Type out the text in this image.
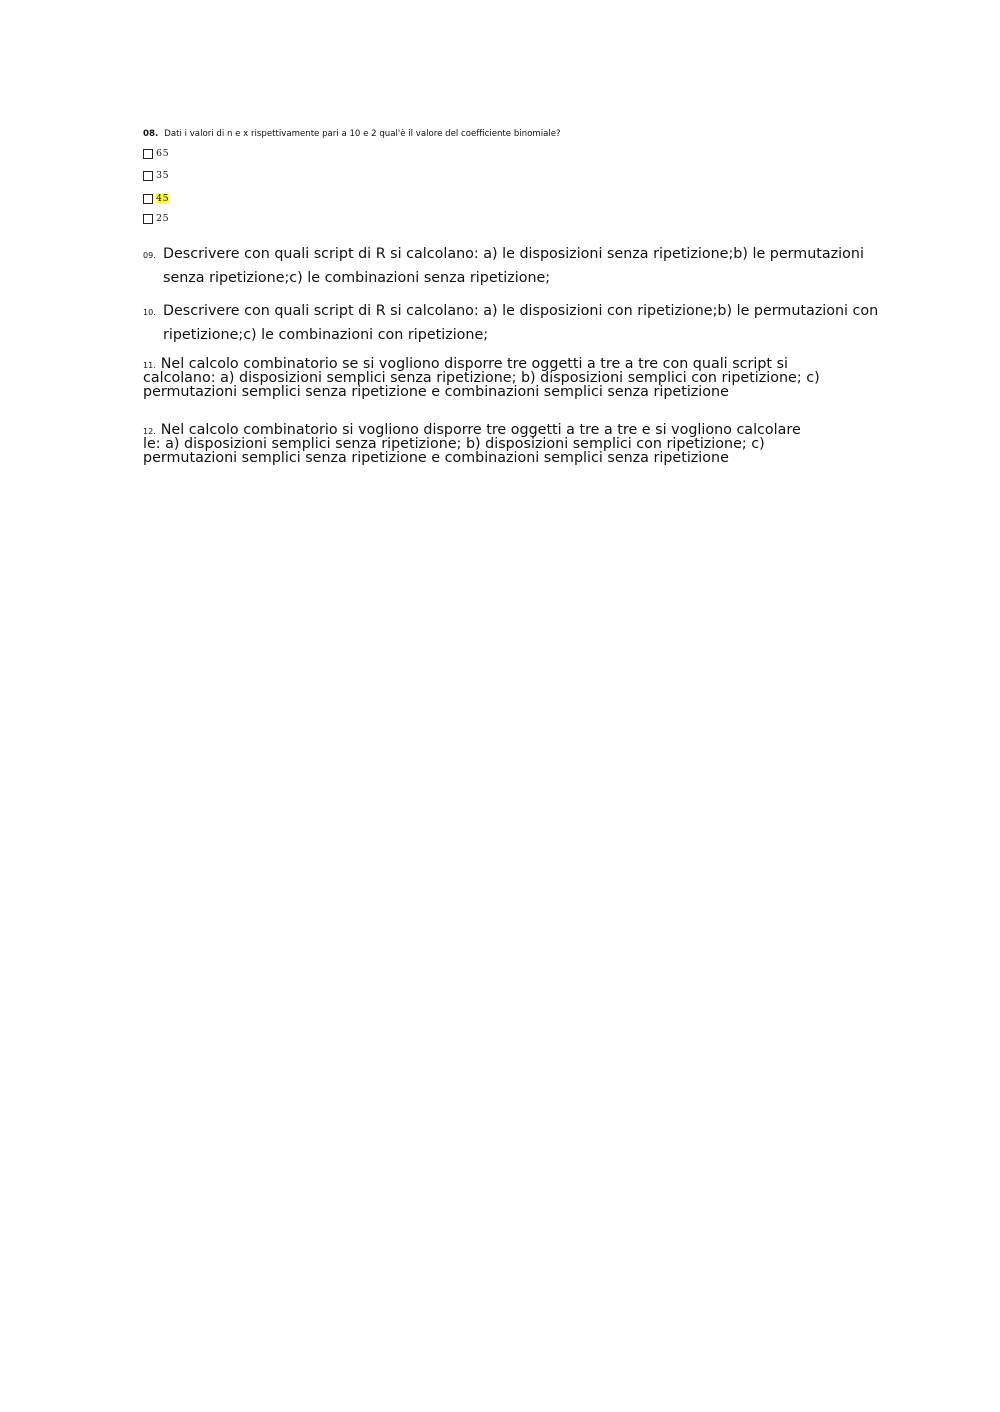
08. Dati i valori di n e x rispettivamente pari a 10 e 2 qual'è il valore del coefficiente binomiale?
65
35
45
25
09. Descrivere con quali script di R si calcolano: a) le disposizioni senza ripetizione;b) le permutazioni senza ripetizione;c) le combinazioni senza ripetizione;
10. Descrivere con quali script di R si calcolano: a) le disposizioni con ripetizione;b) le permutazioni con ripetizione;c) le combinazioni con ripetizione;
11. Nel calcolo combinatorio se si vogliono disporre tre oggetti a tre a tre con quali script si calcolano: a) disposizioni semplici senza ripetizione; b) disposizioni semplici con ripetizione; c) permutazioni semplici senza ripetizione e combinazioni semplici senza ripetizione
12. Nel calcolo combinatorio si vogliono disporre tre oggetti a tre a tre e si vogliono calcolare le: a) disposizioni semplici senza ripetizione; b) disposizioni semplici con ripetizione; c) permutazioni semplici senza ripetizione e combinazioni semplici senza ripetizione
